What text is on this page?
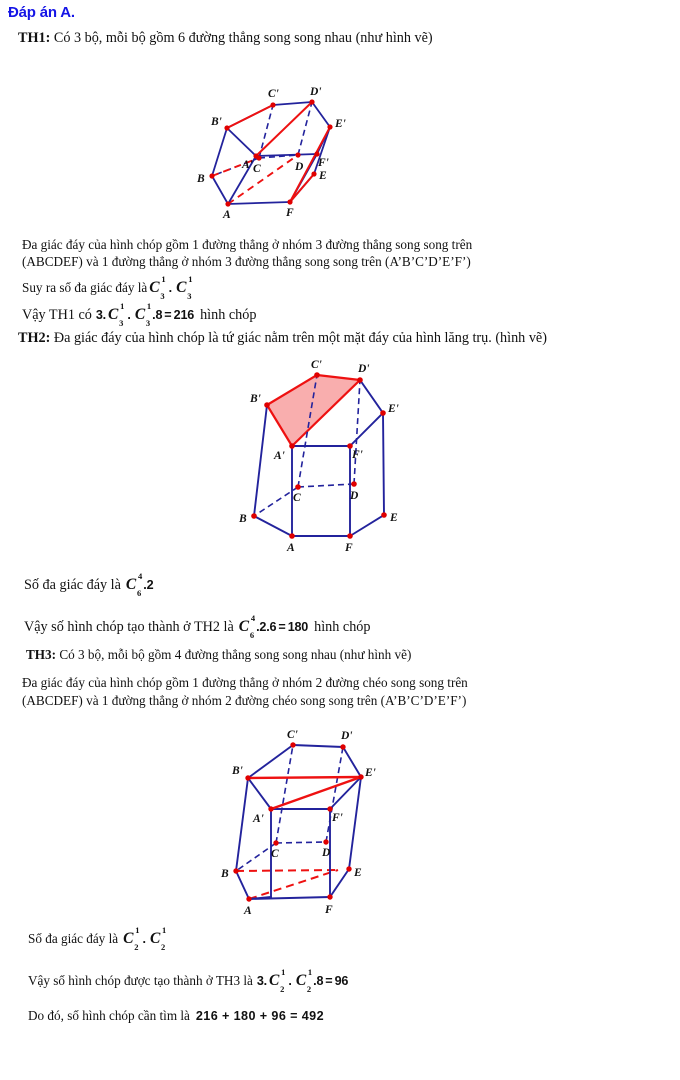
Đáp án A.
TH1: Có 3 bộ, mỗi bộ gồm 6 đường thẳng song song nhau (như hình vẽ)
C'	D'
B'	E'
A'	F'
C	D
B	E
A	F
Đa giác đáy của hình chóp gồm 1 đường thẳng ở nhóm 3 đường thẳng song song trên
(ABCDEF) và 1 đường thẳng ở nhóm 3 đường thẳng song song trên (A’B’C’D’E’F’)
Suy ra số đa giác đáy là C 1
3
. C 1
3
Vậy TH1 có 3. C 1
3
. C 1
3
.8 = 216 hình chóp
TH2: Đa giác đáy của hình chóp là tứ giác nằm trên một mặt đáy của hình lăng trụ. (hình vẽ)
C'	D'
B'
E'
A'	F'
C	D
B	E
A	F
Số đa giác đáy là C 4
6
.2
Vậy số hình chóp tạo thành ở TH2 là C 4
6
.2.6 = 180 hình chóp
TH3: Có 3 bộ, mỗi bộ gồm 4 đường thẳng song song nhau (như hình vẽ)
Đa giác đáy của hình chóp gồm 1 đường thẳng ở nhóm 2 đường chéo song song trên
(ABCDEF) và 1 đường thẳng ở nhóm 2 đường chéo song song trên (A’B’C’D’E’F’)
C'	D'
B'	E'
A'	F'
C	D
B	E
A	F
Số đa giác đáy là C 1
2
. C 1
2
Vậy số hình chóp được tạo thành ở TH3 là 3. C 1
2
. C 1
2
.8 = 96
Do đó, số hình chóp cần tìm là 216 + 180 + 96 = 492
